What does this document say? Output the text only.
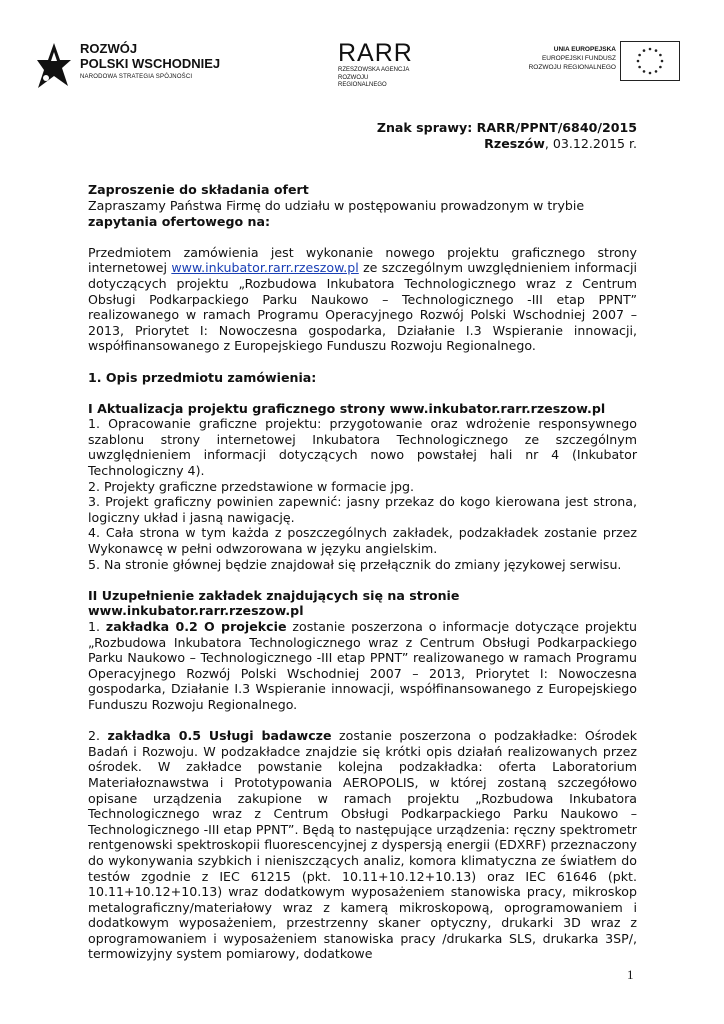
ROZWÓJ
POLSKI WSCHODNIEJ
NARODOWA STRATEGIA SPÓJNOŚCI
RARR
RZESZOWSKA AGENCJA
ROZWOJU REGIONALNEGO
UNIA EUROPEJSKA
EUROPEJSKI FUNDUSZ
ROZWOJU REGIONALNEGO

Znak sprawy: RARR/PPNT/6840/2015

Rzeszów, 03.12.2015 r.

Zaproszenie do składania ofert

Zapraszamy Państwa Firmę do udziału w postępowaniu prowadzonym w trybie

zapytania ofertowego na:

Przedmiotem zamówienia jest wykonanie nowego projektu graficznego strony internetowej www.inkubator.rarr.rzeszow.pl ze szczególnym uwzględnieniem informacji dotyczących projektu „Rozbudowa Inkubatora Technologicznego wraz z Centrum Obsługi Podkarpackiego Parku Naukowo – Technologicznego -III etap PPNT” realizowanego w ramach Programu Operacyjnego Rozwój Polski Wschodniej 2007 – 2013, Priorytet I: Nowoczesna gospodarka, Działanie I.3 Wspieranie innowacji, współfinansowanego z Europejskiego Funduszu Rozwoju Regionalnego.

1. Opis przedmiotu zamówienia:

I Aktualizacja projektu graficznego strony www.inkubator.rarr.rzeszow.pl

1. Opracowanie graficzne projektu: przygotowanie oraz wdrożenie responsywnego szablonu strony internetowej Inkubatora Technologicznego ze szczególnym uwzględnieniem informacji dotyczących nowo powstałej hali nr 4 (Inkubator Technologiczny 4).

2. Projekty graficzne przedstawione w formacie jpg.

3. Projekt graficzny powinien zapewnić: jasny przekaz do kogo kierowana jest strona, logiczny układ i jasną nawigację.

4. Cała strona w tym każda z poszczególnych zakładek, podzakładek zostanie przez Wykonawcę w pełni odwzorowana w języku angielskim.

5. Na stronie głównej będzie znajdował się przełącznik do zmiany językowej serwisu.

II Uzupełnienie zakładek znajdujących się na stronie

www.inkubator.rarr.rzeszow.pl

1. zakładka 0.2 O projekcie zostanie poszerzona o informacje dotyczące projektu „Rozbudowa Inkubatora Technologicznego wraz z Centrum Obsługi Podkarpackiego Parku Naukowo – Technologicznego -III etap PPNT” realizowanego w ramach Programu Operacyjnego Rozwój Polski Wschodniej 2007 – 2013, Priorytet I: Nowoczesna gospodarka, Działanie I.3 Wspieranie innowacji, współfinansowanego z Europejskiego Funduszu Rozwoju Regionalnego.

2. zakładka 0.5 Usługi badawcze zostanie poszerzona o podzakładke: Ośrodek Badań i Rozwoju. W podzakładce znajdzie się krótki opis działań realizowanych przez ośrodek. W zakładce powstanie kolejna podzakładka: oferta Laboratorium Materiałoznawstwa i Prototypowania AEROPOLIS, w której zostaną szczegółowo opisane urządzenia zakupione w ramach projektu „Rozbudowa Inkubatora Technologicznego wraz z Centrum Obsługi Podkarpackiego Parku Naukowo – Technologicznego -III etap PPNT”. Będą to następujące urządzenia: ręczny spektrometr rentgenowski spektroskopii fluorescencyjnej z dyspersją energii (EDXRF) przeznaczony do wykonywania szybkich i nieniszczących analiz, komora klimatyczna ze światłem do testów zgodnie z IEC 61215 (pkt. 10.11+10.12+10.13) oraz IEC 61646 (pkt. 10.11+10.12+10.13) wraz dodatkowym wyposażeniem stanowiska pracy, mikroskop metalograficzny/materiałowy wraz z kamerą mikroskopową, oprogramowaniem i dodatkowym wyposażeniem, przestrzenny skaner optyczny, drukarki 3D wraz z oprogramowaniem i wyposażeniem stanowiska pracy /drukarka SLS, drukarka 3SP/, termowizyjny system pomiarowy, dodatkowe

1
